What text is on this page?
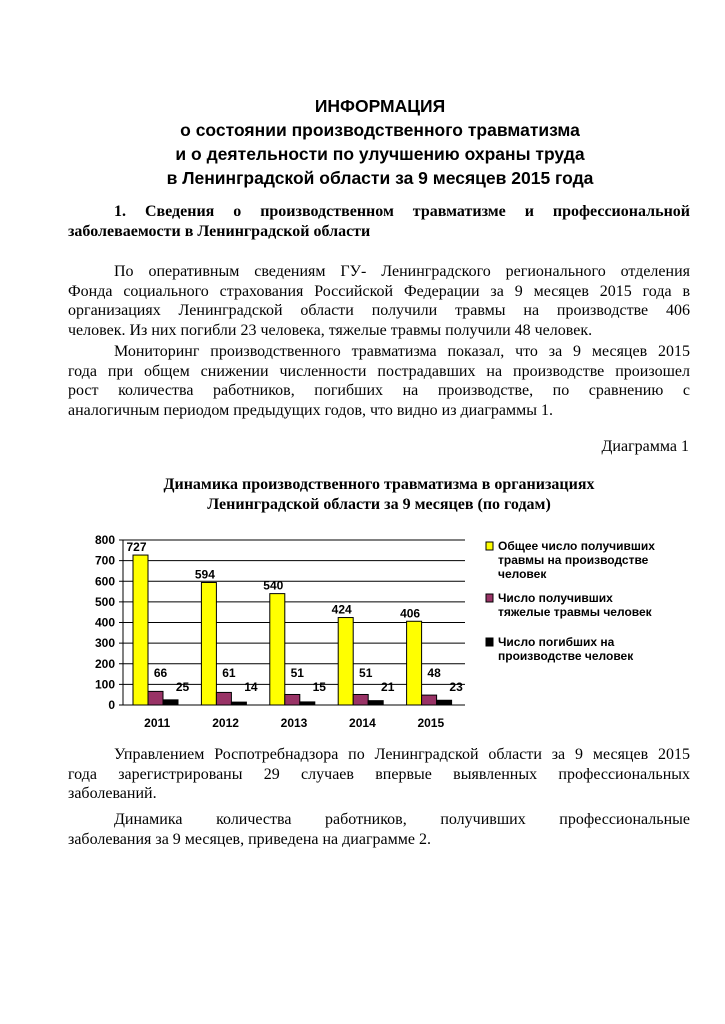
ИНФОРМАЦИЯ
о состоянии производственного травматизма
и о деятельности по улучшению охраны труда
в Ленинградской области за 9 месяцев 2015 года
1. Сведения о производственном травматизме и профессиональной
заболеваемости в Ленинградской области
По оперативным сведениям ГУ- Ленинградского регионального отделения
Фонда социального страхования Российской Федерации за 9 месяцев 2015 года в
организациях Ленинградской области получили травмы на производстве 406
человек. Из них погибли 23 человека, тяжелые травмы получили 48 человек.
Мониторинг производственного травматизма показал, что за 9 месяцев 2015
года при общем снижении численности пострадавших на производстве произошел
рост количества работников, погибших на производстве, по сравнению с
аналогичным периодом предыдущих годов, что видно из диаграммы 1.
Диаграмма 1
Динамика производственного травматизма в организациях
Ленинградской области за 9 месяцев (по годам)
0
100
200
300
400
500
600
700
800
2011
727
66
25
2012
594
61
14
2013
540
51
15
2014
424
51
21
2015
406
48
23
Общее число получивших
травмы на производстве
человек
Число получивших
тяжелые травмы человек
Число погибших на
производстве человек
Управлением Роспотребнадзора по Ленинградской области за 9 месяцев 2015
года зарегистрированы 29 случаев впервые выявленных профессиональных
заболеваний.
Динамика количества работников, получивших профессиональные
заболевания за 9 месяцев, приведена на диаграмме 2.
